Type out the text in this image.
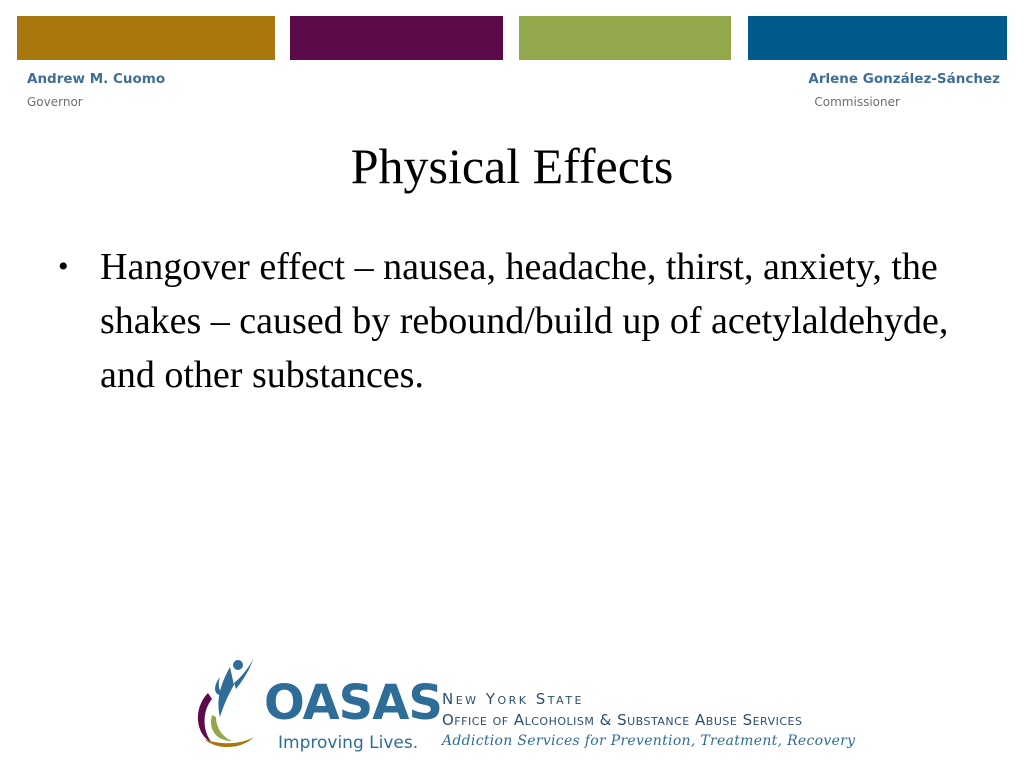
Andrew M. Cuomo
Governor
Arlene González-Sánchez
Commissioner
Physical Effects
• Hangover effect – nausea, headache, thirst, anxiety, the shakes – caused by rebound/build up of acetylaldehyde, and other substances.
OASAS
Improving Lives.
New York State
Office of Alcoholism & Substance Abuse Services
Addiction Services for Prevention, Treatment, Recovery
